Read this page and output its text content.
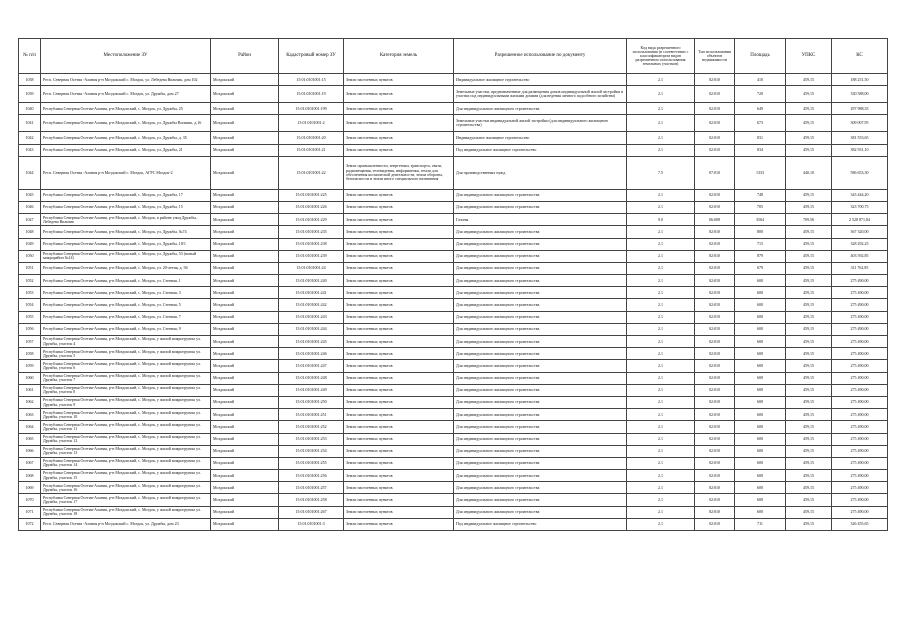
№ п/п	Местоположение ЗУ	Район	Кадастровый номер ЗУ	Категория земель	Разрешенное использование по документу	Код вида разрешенного использования (в соответствии с классификатором видов разрешенного использования земельных участков)	Тип использования объектов недвижимости	Площадь	УПКС	КС
1038	Респ. Северная Осетия -Алания р-н Моздокский с. Моздок, ул. Лебедева Вильчик, дом 102	Моздокский	15:01:0101001:15	Земли населенных пунктов	Индивидуальное жилищное строительство	2.1	02:010	410	459,15	188 251,50
1039	Респ. Северная Осетия -Алания р-н Моздокский с. Моздок, ул. Дружбы, дом 27	Моздокский	15:01:0101001:19	Земли населенных пунктов	Земельные участки, предназначенные для размещения домов индивидуальной жилой застройки и участки под индивидуальными жилыми домами (для ведения личного подсобного хозяйства)	2.1	02:010	720	459,15	330 588,00
1040	Республика Северная Осетия-Алания, р-н Моздокский, с. Моздок, ул. Дружбы, 25	Моздокский	15:01:0101001:199	Земли населенных пунктов	Для индивидуального жилищного строительства	2.1	02:010	649	459,15	297 988,35
1041	Республика Северная Осетия-Алания, р-н Моздокский, с. Моздок, ул. Дружбы Вильчик, д.16	Моздокский	15:01:0101001:2	Земли населенных пунктов	Земельные участки индивидуальной жилой застройки (для индивидуального жилищного строительства)	2.1	02:010	673	459,15	309 007,95
1042	Республика Северная Осетия-Алания, р-н Моздокский, с. Моздок, ул. Дружбы, д. 35	Моздокский	15:01:0101001:20	Земли населенных пунктов	Индивидуальное жилищное строительство	2.1	02:010	831	459,15	381 553,65
1043	Республика Северная Осетия-Алания, р-н Моздокский, с. Моздок, ул. Дружбы, 21	Моздокский	15:01:0101001:21	Земли населенных пунктов	Под индивидуальное жилищное строительство	2.1	02:010	834	459,15	382 931,10
1044	Респ. Северная Осетия -Алания р-н Моздокский с. Моздок, АГРС Моздок-2	Моздокский	15:01:0101001:22	Земли промышленности, энергетики, транспорта, связи, радиовещания, телевидения, информатики, земли для обеспечения космической деятельности, земли обороны, безопасности и земли иного специального назначения	Для производственных нужд	7.5	07:010	1333	440,10	586 653,30
1045	Республика Северная Осетия-Алания, р-н Моздокский, с. Моздок, ул. Дружбы, 17	Моздокский	15:01:0101001:225	Земли населенных пунктов	Для индивидуального жилищного строительства	2.1	02:010	748	459,15	343 444,20
1046	Республика Северная Осетия-Алания, р-н Моздокский, с. Моздок, ул. Дружбы, 15	Моздокский	15:01:0101001:226	Земли населенных пунктов	Для индивидуального жилищного строительства	2.1	02:010	705	459,15	323 700,75
1047	Республика Северная Осетия-Алания, р-н Моздокский, с. Моздок, в районе улиц Дружбы, Лебедева Вильчик	Моздокский	15:01:0101001:229	Земли населенных пунктов	Газоны	9.0	06:008	3564	709,56	2 528 871,84
1048	Республика Северная Осетия-Алания, р-н Моздокский, с. Моздок, ул. Дружбы, №74	Моздокский	15:01:0101001:235	Земли населенных пунктов	Для индивидуального жилищного строительства	2.1	02:010	800	459,15	367 320,00
1049	Республика Северная Осетия-Алания, р-н Моздокский, с. Моздок, ул. Дружбы, 18/1	Моздокский	15:01:0101001:238	Земли населенных пунктов	Для индивидуального жилищного строительства	2.1	02:010	715	459,15	328 292,25
1050	Республика Северная Осетия-Алания, р-н Моздокский, с. Моздок, ул. Дружбы, 53 (новый микрорайон №14)	Моздокский	15:01:0101001:239	Земли населенных пунктов	Для индивидуального жилищного строительства	2.1	02:010	879	459,15	403 592,85
1051	Республика Северная Осетия-Алания, р-н Моздокский, с. Моздок, ул. 20-летия, д. 94	Моздокский	15:01:0101001:24	Земли населенных пунктов	Для индивидуального жилищного строительства	2.1	02:010	679	459,15	311 762,85
1052	Республика Северная Осетия-Алания, р-н Моздокский, с. Моздок, ул. Степная, 1	Моздокский	15:01:0101001:240	Земли населенных пунктов	Для индивидуального жилищного строительства	2.1	02:010	600	459,15	275 490,00
1053	Республика Северная Осетия-Алания, р-н Моздокский, с. Моздок, ул. Степная, 3	Моздокский	15:01:0101001:241	Земли населенных пунктов	Для индивидуального жилищного строительства	2.1	02:010	600	459,15	275 490,00
1054	Республика Северная Осетия-Алания, р-н Моздокский, с. Моздок, ул. Степная, 5	Моздокский	15:01:0101001:242	Земли населенных пунктов	Для индивидуального жилищного строительства	2.1	02:010	600	459,15	275 490,00
1055	Республика Северная Осетия-Алания, р-н Моздокский, с. Моздок, ул. Степная, 7	Моздокский	15:01:0101001:243	Земли населенных пунктов	Для индивидуального жилищного строительства	2.1	02:010	600	459,15	275 490,00
1056	Республика Северная Осетия-Алания, р-н Моздокский, с. Моздок, ул. Степная, 9	Моздокский	15:01:0101001:244	Земли населенных пунктов	Для индивидуального жилищного строительства	2.1	02:010	600	459,15	275 490,00
1057	Республика Северная Осетия-Алания, р-н Моздокский, с. Моздок, у жилой микрогруппы ул. Дружбы, участок 4	Моздокский	15:01:0101001:245	Земли населенных пунктов	Для индивидуального жилищного строительства	2.1	02:010	600	459,15	275 490,00
1058	Республика Северная Осетия-Алания, р-н Моздокский, с. Моздок, у жилой микрогруппы ул. Дружбы, участок 5	Моздокский	15:01:0101001:246	Земли населенных пунктов	Для индивидуального жилищного строительства	2.1	02:010	600	459,15	275 490,00
1059	Республика Северная Осетия-Алания, р-н Моздокский, с. Моздок, у жилой микрогруппы ул. Дружбы, участок 6	Моздокский	15:01:0101001:247	Земли населенных пунктов	Для индивидуального жилищного строительства	2.1	02:010	600	459,15	275 490,00
1060	Республика Северная Осетия-Алания, р-н Моздокский, с. Моздок, у жилой микрогруппы ул. Дружбы, участок 7	Моздокский	15:01:0101001:248	Земли населенных пунктов	Для индивидуального жилищного строительства	2.1	02:010	600	459,15	275 490,00
1061	Республика Северная Осетия-Алания, р-н Моздокский, с. Моздок, у жилой микрогруппы ул. Дружбы, участок 8	Моздокский	15:01:0101001:249	Земли населенных пунктов	Для индивидуального жилищного строительства	2.1	02:010	600	459,15	275 490,00
1062	Республика Северная Осетия-Алания, р-н Моздокский, с. Моздок, у жилой микрогруппы ул. Дружбы, участок 9	Моздокский	15:01:0101001:250	Земли населенных пунктов	Для индивидуального жилищного строительства	2.1	02:010	600	459,15	275 490,00
1063	Республика Северная Осетия-Алания, р-н Моздокский, с. Моздок, у жилой микрогруппы ул. Дружбы, участок 10	Моздокский	15:01:0101001:251	Земли населенных пунктов	Для индивидуального жилищного строительства	2.1	02:010	600	459,15	275 490,00
1064	Республика Северная Осетия-Алания, р-н Моздокский, с. Моздок, у жилой микрогруппы ул. Дружбы, участок 11	Моздокский	15:01:0101001:252	Земли населенных пунктов	Для индивидуального жилищного строительства	2.1	02:010	600	459,15	275 490,00
1065	Республика Северная Осетия-Алания, р-н Моздокский, с. Моздок, у жилой микрогруппы ул. Дружбы, участок 12	Моздокский	15:01:0101001:253	Земли населенных пунктов	Для индивидуального жилищного строительства	2.1	02:010	600	459,15	275 490,00
1066	Республика Северная Осетия-Алания, р-н Моздокский, с. Моздок, у жилой микрогруппы ул. Дружбы, участок 13	Моздокский	15:01:0101001:254	Земли населенных пунктов	Для индивидуального жилищного строительства	2.1	02:010	600	459,15	275 490,00
1067	Республика Северная Осетия-Алания, р-н Моздокский, с. Моздок, у жилой микрогруппы ул. Дружбы, участок 14	Моздокский	15:01:0101001:255	Земли населенных пунктов	Для индивидуального жилищного строительства	2.1	02:010	600	459,15	275 490,00
1068	Республика Северная Осетия-Алания, р-н Моздокский, с. Моздок, у жилой микрогруппы ул. Дружбы, участок 15	Моздокский	15:01:0101001:256	Земли населенных пунктов	Для индивидуального жилищного строительства	2.1	02:010	600	459,15	275 490,00
1069	Республика Северная Осетия-Алания, р-н Моздокский, с. Моздок, у жилой микрогруппы ул. Дружбы, участок 16	Моздокский	15:01:0101001:257	Земли населенных пунктов	Для индивидуального жилищного строительства	2.1	02:010	600	459,15	275 490,00
1070	Республика Северная Осетия-Алания, р-н Моздокский, с. Моздок, у жилой микрогруппы ул. Дружбы, участок 17	Моздокский	15:01:0101001:258	Земли населенных пунктов	Для индивидуального жилищного строительства	2.1	02:010	600	459,15	275 490,00
1071	Республика Северная Осетия-Алания, р-н Моздокский, с. Моздок, у жилой микрогруппы ул. Дружбы, участок 18	Моздокский	15:01:0101001:267	Земли населенных пунктов	Для индивидуального жилищного строительства	2.1	02:010	600	459,15	275 490,00
1072	Респ. Северная Осетия -Алания р-н Моздокский с. Моздок, ул. Дружбы, дом 23	Моздокский	15:01:0101001:3	Земли населенных пунктов	Под индивидуальное жилищное строительство	2.1	02:010	711	459,15	326 455,65
